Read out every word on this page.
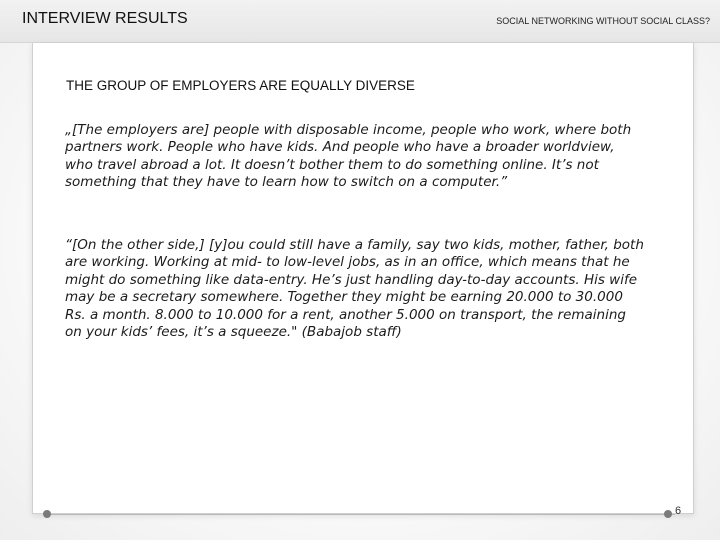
INTERVIEW RESULTS	SOCIAL NETWORKING WITHOUT SOCIAL CLASS?
THE GROUP OF EMPLOYERS ARE EQUALLY DIVERSE
„[The employers are] people with disposable income, people who work, where both partners work. People who have kids. And people who have a broader worldview, who travel abroad a lot. It doesn’t bother them to do something online. It’s not something that they have to learn how to switch on a computer.”
“[On the other side,] [y]ou could still have a family, say two kids, mother, father, both are working. Working at mid- to low-level jobs, as in an office, which means that he might do something like data-entry. He’s just handling day-to-day accounts. His wife may be a secretary somewhere. Together they might be earning 20.000 to 30.000 Rs. a month. 8.000 to 10.000 for a rent, another 5.000 on transport, the remaining on your kids’ fees, it’s a squeeze." (Babajob staff)
6
